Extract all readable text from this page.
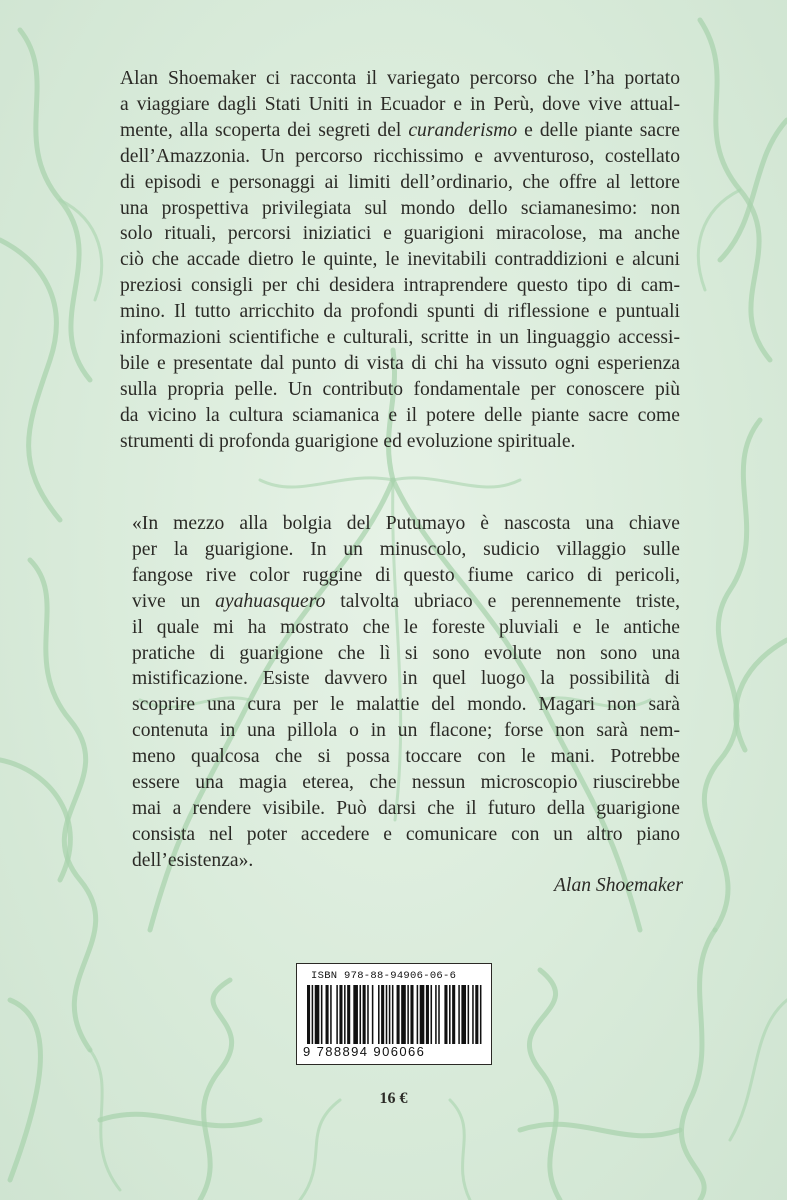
Alan Shoemaker ci racconta il variegato percorso che l’ha portato
a viaggiare dagli Stati Uniti in Ecuador e in Perù, dove vive attual-
mente, alla scoperta dei segreti del curanderismo e delle piante sacre
dell’Amazzonia. Un percorso ricchissimo e avventuroso, costellato
di episodi e personaggi ai limiti dell’ordinario, che offre al lettore
una prospettiva privilegiata sul mondo dello sciamanesimo: non
solo rituali, percorsi iniziatici e guarigioni miracolose, ma anche
ciò che accade dietro le quinte, le inevitabili contraddizioni e alcuni
preziosi consigli per chi desidera intraprendere questo tipo di cam-
mino. Il tutto arricchito da profondi spunti di riflessione e puntuali
informazioni scientifiche e culturali, scritte in un linguaggio accessi-
bile e presentate dal punto di vista di chi ha vissuto ogni esperienza
sulla propria pelle. Un contributo fondamentale per conoscere più
da vicino la cultura sciamanica e il potere delle piante sacre come
strumenti di profonda guarigione ed evoluzione spirituale.
«In mezzo alla bolgia del Putumayo è nascosta una chiave
per la guarigione. In un minuscolo, sudicio villaggio sulle
fangose rive color ruggine di questo fiume carico di pericoli,
vive un ayahuasquero talvolta ubriaco e perennemente triste,
il quale mi ha mostrato che le foreste pluviali e le antiche
pratiche di guarigione che lì si sono evolute non sono una
mistificazione. Esiste davvero in quel luogo la possibilità di
scoprire una cura per le malattie del mondo. Magari non sarà
contenuta in una pillola o in un flacone; forse non sarà nem-
meno qualcosa che si possa toccare con le mani. Potrebbe
essere una magia eterea, che nessun microscopio riuscirebbe
mai a rendere visibile. Può darsi che il futuro della guarigione
consista nel poter accedere e comunicare con un altro piano
dell’esistenza».
Alan Shoemaker
ISBN 978-88-94906-06-6
9 788894 906066
16 €
